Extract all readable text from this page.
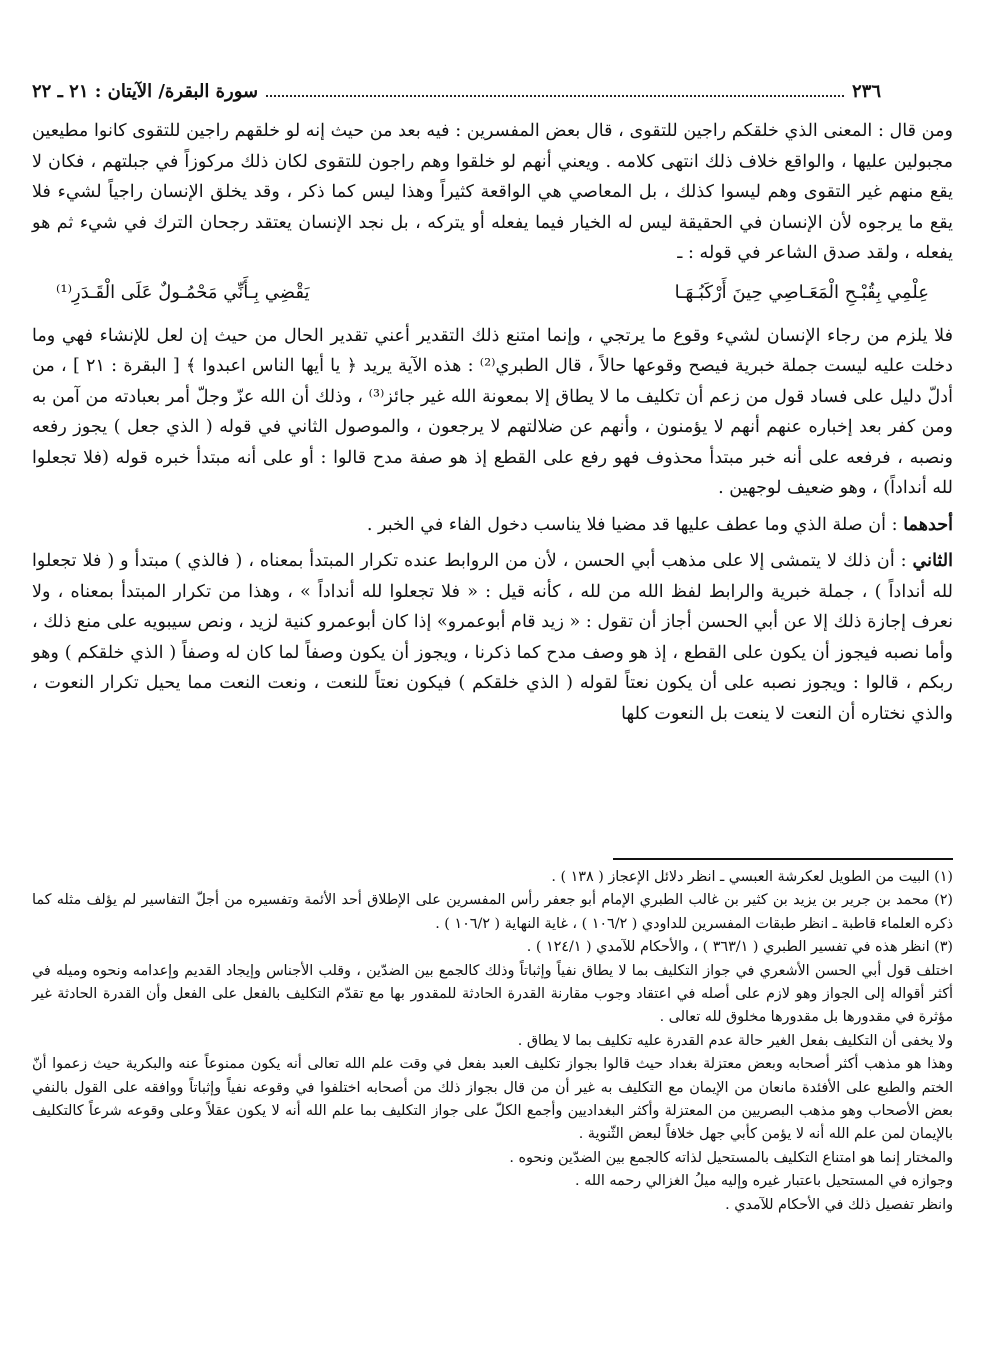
٢٣٦
سورة البقرة/ الآيتان : ٢١ ـ ٢٢

ومن قال : المعنى الذي خلقكم راجين للتقوى ، قال بعض المفسرين : فيه بعد من حيث إنه لو خلقهم راجين للتقوى كانوا مطيعين مجبولين عليها ، والواقع خلاف ذلك انتهى كلامه . ويعني أنهم لو خلقوا وهم راجون للتقوى لكان ذلك مركوزاً في جبلتهم ، فكان لا يقع منهم غير التقوى وهم ليسوا كذلك ، بل المعاصي هي الواقعة كثيراً وهذا ليس كما ذكر ، وقد يخلق الإنسان راجياً لشيء فلا يقع ما يرجوه لأن الإنسان في الحقيقة ليس له الخيار فيما يفعله أو يتركه ، بل نجد الإنسان يعتقد رجحان الترك في شيء ثم هو يفعله ، ولقد صدق الشاعر في قوله : ـ

عِلْمِي بِقُبْـحِ الْمَعَـاصِي حِينَ أَرْكَبُـهَـا
يَقْضِي بِـأَنِّي مَحْمُـولٌ عَلَى الْقَـدَرِ⁽¹⁾

فلا يلزم من رجاء الإنسان لشيء وقوع ما يرتجي ، وإنما امتنع ذلك التقدير أعني تقدير الحال من حيث إن لعل للإنشاء فهي وما دخلت عليه ليست جملة خبرية فيصح وقوعها حالاً ، قال الطبري⁽²⁾ : هذه الآية يريد ﴿ يا أيها الناس اعبدوا ﴾ [ البقرة : ٢١ ] ، من أدلّ دليل على فساد قول من زعم أن تكليف ما لا يطاق إلا بمعونة الله غير جائز⁽³⁾ ، وذلك أن الله عزّ وجلّ أمر بعبادته من آمن به ومن كفر بعد إخباره عنهم أنهم لا يؤمنون ، وأنهم عن ضلالتهم لا يرجعون ، والموصول الثاني في قوله ( الذي جعل ) يجوز رفعه ونصبه ، فرفعه على أنه خبر مبتدأ محذوف فهو رفع على القطع إذ هو صفة مدح قالوا : أو على أنه مبتدأ خبره قوله (فلا تجعلوا لله أنداداً) ، وهو ضعيف لوجهين .

أحدهما : أن صلة الذي وما عطف عليها قد مضيا فلا يناسب دخول الفاء في الخبر .

الثاني : أن ذلك لا يتمشى إلا على مذهب أبي الحسن ، لأن من الروابط عنده تكرار المبتدأ بمعناه ، ( فالذي ) مبتدأ و ( فلا تجعلوا لله أنداداً ) ، جملة خبرية والرابط لفظ الله من لله ، كأنه قيل : « فلا تجعلوا لله أنداداً » ، وهذا من تكرار المبتدأ بمعناه ، ولا نعرف إجازة ذلك إلا عن أبي الحسن أجاز أن تقول : « زيد قام أبوعمرو» إذا كان أبوعمرو كنية لزيد ، ونص سيبويه على منع ذلك ، وأما نصبه فيجوز أن يكون على القطع ، إذ هو وصف مدح كما ذكرنا ، ويجوز أن يكون وصفاً لما كان له وصفاً ( الذي خلقكم ) وهو ربكم ، قالوا : ويجوز نصبه على أن يكون نعتاً لقوله ( الذي خلقكم ) فيكون نعتاً للنعت ، ونعت النعت مما يحيل تكرار النعوت ، والذي نختاره أن النعت لا ينعت بل النعوت كلها

(١) البيت من الطويل لعكرشة العبسي ـ انظر دلائل الإعجاز ( ١٣٨ ) .

(٢) محمد بن جرير بن يزيد بن كثير بن غالب الطبري الإمام أبو جعفر رأس المفسرين على الإطلاق أحد الأئمة وتفسيره من أجلّ التفاسير لم يؤلف مثله كما ذكره العلماء قاطبة ـ انظر طبقات المفسرين للداودي ( ١٠٦/٢ ) ، غاية النهاية ( ١٠٦/٢ ) .

(٣) انظر هذه في تفسير الطبري ( ٣٦٣/١ ) ، والأحكام للآمدي ( ١٢٤/١ ) .

اختلف قول أبي الحسن الأشعري في جواز التكليف بما لا يطاق نفياً وإثباتاً وذلك كالجمع بين الضدّين ، وقلب الأجناس وإيجاد القديم وإعدامه ونحوه وميله في أكثر أقواله إلى الجواز وهو لازم على أصله في اعتقاد وجوب مقارنة القدرة الحادثة للمقدور بها مع تقدّم التكليف بالفعل على الفعل وأن القدرة الحادثة غير مؤثرة في مقدورها بل مقدورها مخلوق لله تعالى .

ولا يخفى أن التكليف بفعل الغير حالة عدم القدرة عليه تكليف بما لا يطاق .

وهذا هو مذهب أكثر أصحابه وبعض معتزلة بغداد حيث قالوا بجواز تكليف العبد بفعل في وقت علم الله تعالى أنه يكون ممنوعاً عنه والبكرية حيث زعموا أنّ الختم والطبع على الأفئدة مانعان من الإيمان مع التكليف به غير أن من قال بجواز ذلك من أصحابه اختلفوا في وقوعه نفياً وإثباتاً ووافقه على القول بالنفي بعض الأصحاب وهو مذهب البصريين من المعتزلة وأكثر البغداديين وأجمع الكلّ على جواز التكليف بما علم الله أنه لا يكون عقلاً وعلى وقوعه شرعاً كالتكليف بالإيمان لمن علم الله أنه لا يؤمن كأبي جهل خلافاً لبعض الثّنوية .

والمختار إنما هو امتناع التكليف بالمستحيل لذاته كالجمع بين الضدّين ونحوه .

وجوازه في المستحيل باعتبار غيره وإليه ميلُ الغزالي رحمه الله .

وانظر تفصيل ذلك في الأحكام للآمدي .
